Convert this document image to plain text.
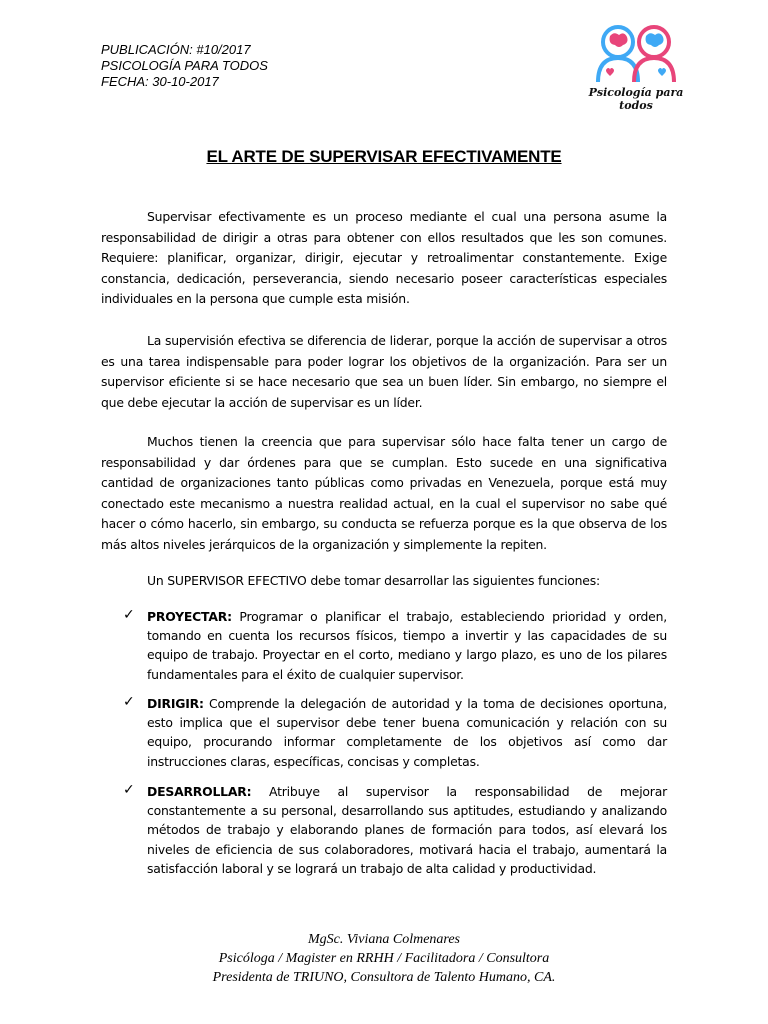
PUBLICACIÓN: #10/2017
PSICOLOGÍA PARA TODOS
FECHA: 30-10-2017
Psicología para todos
EL ARTE DE SUPERVISAR EFECTIVAMENTE
Supervisar efectivamente es un proceso mediante el cual una persona asume la responsabilidad de dirigir a otras para obtener con ellos resultados que les son comunes. Requiere: planificar, organizar, dirigir, ejecutar y retroalimentar constantemente. Exige constancia, dedicación, perseverancia, siendo necesario poseer características especiales individuales en la persona que cumple esta misión.
La supervisión efectiva se diferencia de liderar, porque la acción de supervisar a otros es una tarea indispensable para poder lograr los objetivos de la organización. Para ser un supervisor eficiente si se hace necesario que sea un buen líder. Sin embargo, no siempre el que debe ejecutar la acción de supervisar es un líder.
Muchos tienen la creencia que para supervisar sólo hace falta tener un cargo de responsabilidad y dar órdenes para que se cumplan. Esto sucede en una significativa cantidad de organizaciones tanto públicas como privadas en Venezuela, porque está muy conectado este mecanismo a nuestra realidad actual, en la cual el supervisor no sabe qué hacer o cómo hacerlo, sin embargo, su conducta se refuerza porque es la que observa de los más altos niveles jerárquicos de la organización y simplemente la repiten.
Un SUPERVISOR EFECTIVO debe tomar desarrollar las siguientes funciones:
✓ PROYECTAR: Programar o planificar el trabajo, estableciendo prioridad y orden, tomando en cuenta los recursos físicos, tiempo a invertir y las capacidades de su equipo de trabajo. Proyectar en el corto, mediano y largo plazo, es uno de los pilares fundamentales para el éxito de cualquier supervisor.
✓ DIRIGIR: Comprende la delegación de autoridad y la toma de decisiones oportuna, esto implica que el supervisor debe tener buena comunicación y relación con su equipo, procurando informar completamente de los objetivos así como dar instrucciones claras, específicas, concisas y completas.
✓ DESARROLLAR: Atribuye al supervisor la responsabilidad de mejorar constantemente a su personal, desarrollando sus aptitudes, estudiando y analizando métodos de trabajo y elaborando planes de formación para todos, así elevará los niveles de eficiencia de sus colaboradores, motivará hacia el trabajo, aumentará la satisfacción laboral y se logrará un trabajo de alta calidad y productividad.
MgSc. Viviana Colmenares
Psicóloga / Magister en RRHH / Facilitadora / Consultora
Presidenta de TRIUNO, Consultora de Talento Humano, CA.
